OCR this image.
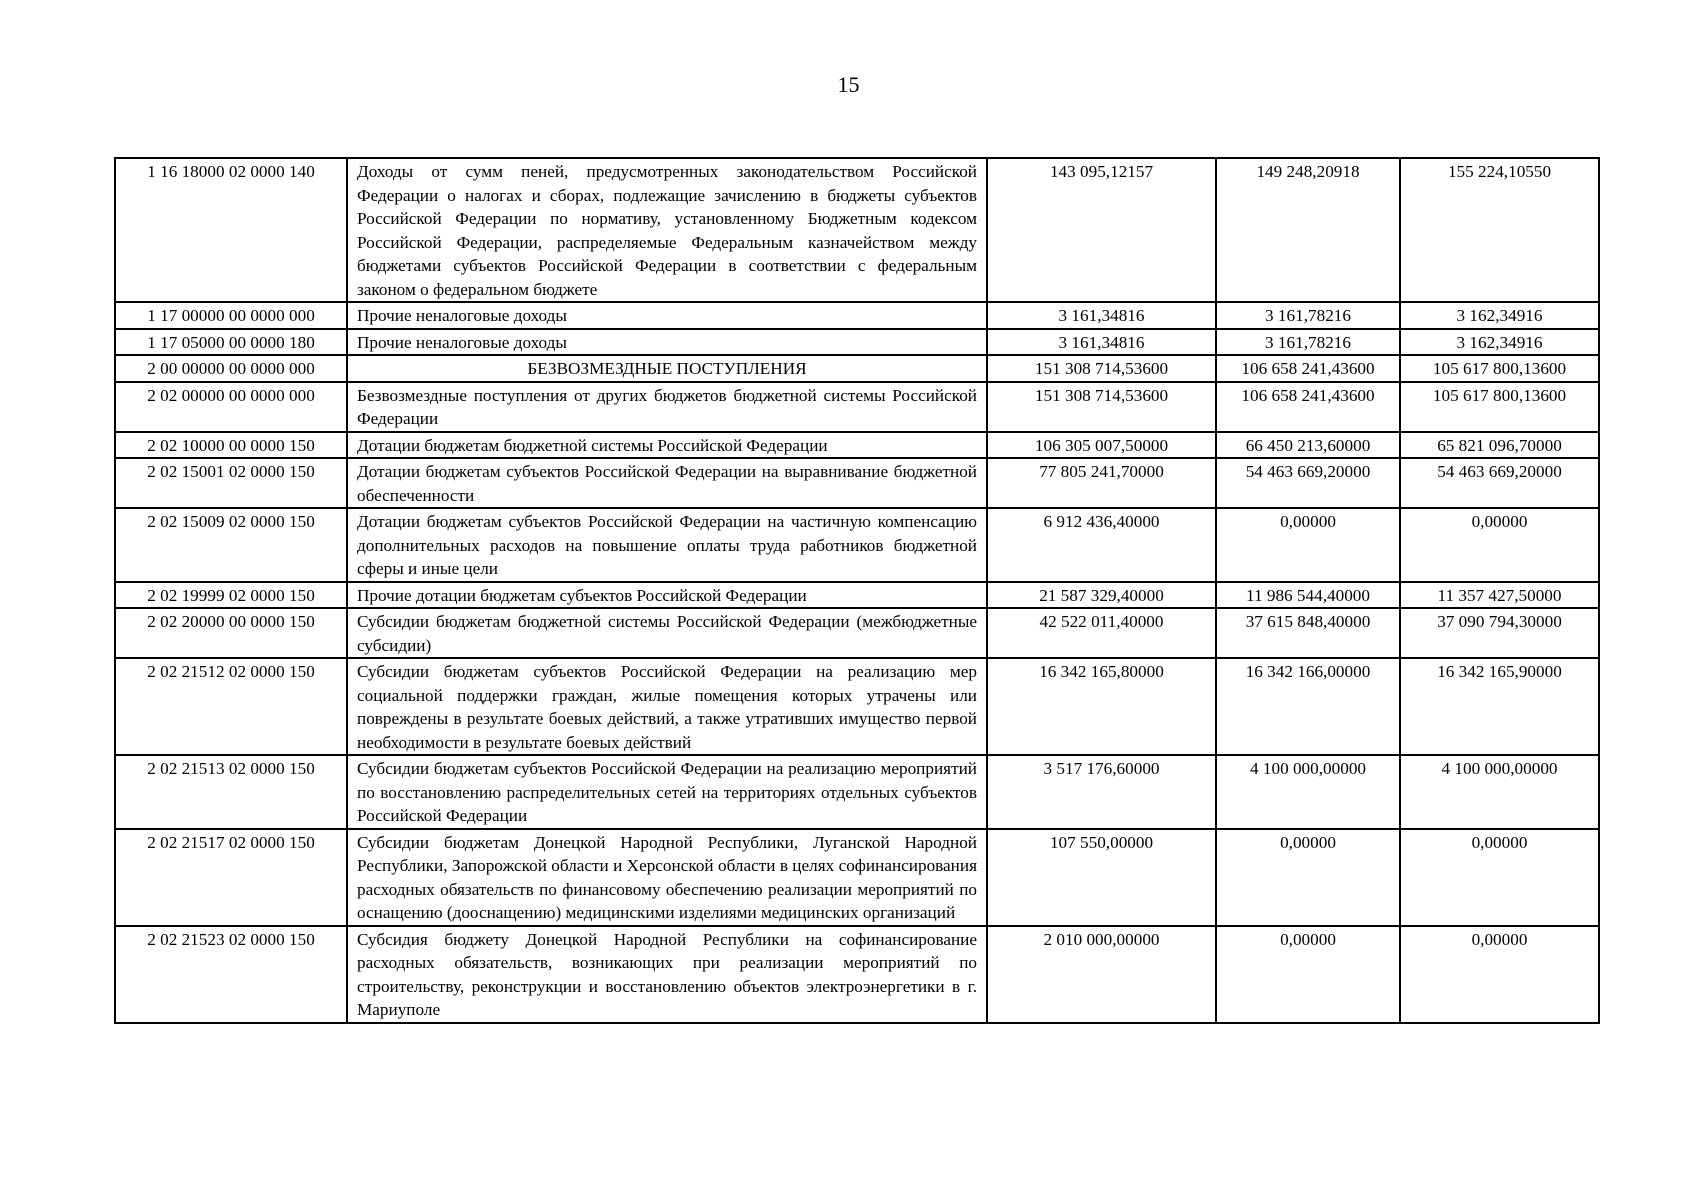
15
1 16 18000 02 0000 140	Доходы от сумм пеней, предусмотренных законодательством Российской Федерации о налогах и сборах, подлежащие зачислению в бюджеты субъектов Российской Федерации по нормативу, установленному Бюджетным кодексом Российской Федерации, распределяемые Федеральным казначейством между бюджетами субъектов Российской Федерации в соответствии с федеральным законом о федеральном бюджете	143 095,12157	149 248,20918	155 224,10550
1 17 00000 00 0000 000	Прочие неналоговые доходы	3 161,34816	3 161,78216	3 162,34916
1 17 05000 00 0000 180	Прочие неналоговые доходы	3 161,34816	3 161,78216	3 162,34916
2 00 00000 00 0000 000	БЕЗВОЗМЕЗДНЫЕ ПОСТУПЛЕНИЯ	151 308 714,53600	106 658 241,43600	105 617 800,13600
2 02 00000 00 0000 000	Безвозмездные поступления от других бюджетов бюджетной системы Российской Федерации	151 308 714,53600	106 658 241,43600	105 617 800,13600
2 02 10000 00 0000 150	Дотации бюджетам бюджетной системы Российской Федерации	106 305 007,50000	66 450 213,60000	65 821 096,70000
2 02 15001 02 0000 150	Дотации бюджетам субъектов Российской Федерации на выравнивание бюджетной обеспеченности	77 805 241,70000	54 463 669,20000	54 463 669,20000
2 02 15009 02 0000 150	Дотации бюджетам субъектов Российской Федерации на частичную компенсацию дополнительных расходов на повышение оплаты труда работников бюджетной сферы и иные цели	6 912 436,40000	0,00000	0,00000
2 02 19999 02 0000 150	Прочие дотации бюджетам субъектов Российской Федерации	21 587 329,40000	11 986 544,40000	11 357 427,50000
2 02 20000 00 0000 150	Субсидии бюджетам бюджетной системы Российской Федерации (межбюджетные субсидии)	42 522 011,40000	37 615 848,40000	37 090 794,30000
2 02 21512 02 0000 150	Субсидии бюджетам субъектов Российской Федерации на реализацию мер социальной поддержки граждан, жилые помещения которых утрачены или повреждены в результате боевых действий, а также утративших имущество первой необходимости в результате боевых действий	16 342 165,80000	16 342 166,00000	16 342 165,90000
2 02 21513 02 0000 150	Субсидии бюджетам субъектов Российской Федерации на реализацию мероприятий по восстановлению распределительных сетей на территориях отдельных субъектов Российской Федерации	3 517 176,60000	4 100 000,00000	4 100 000,00000
2 02 21517 02 0000 150	Субсидии бюджетам Донецкой Народной Республики, Луганской Народной Республики, Запорожской области и Херсонской области в целях софинансирования расходных обязательств по финансовому обеспечению реализации мероприятий по оснащению (дооснащению) медицинскими изделиями медицинских организаций	107 550,00000	0,00000	0,00000
2 02 21523 02 0000 150	Субсидия бюджету Донецкой Народной Республики на софинансирование расходных обязательств, возникающих при реализации мероприятий по строительству, реконструкции и восстановлению объектов электроэнергетики в г. Мариуполе	2 010 000,00000	0,00000	0,00000
